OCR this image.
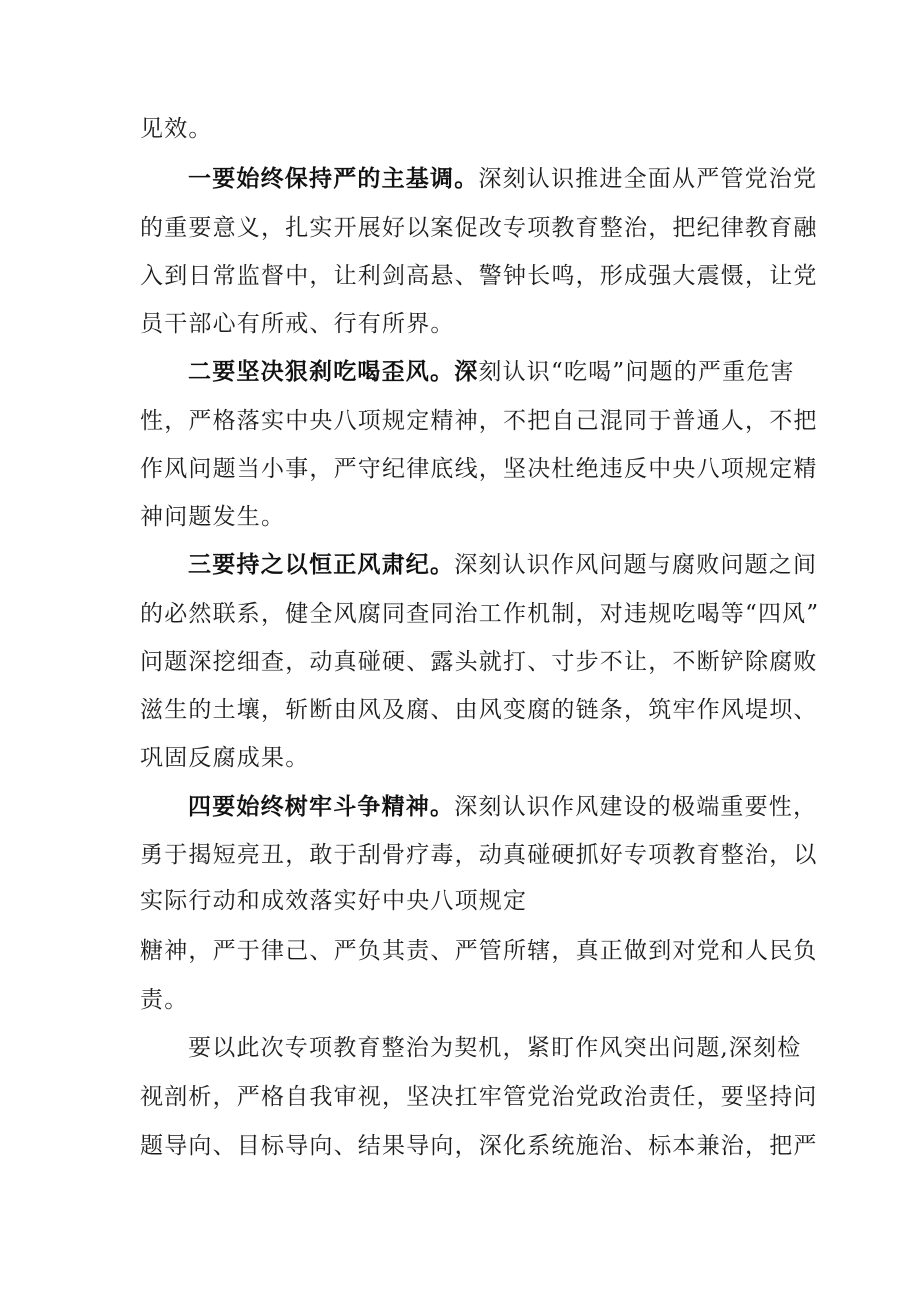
见效。
一要始终保持严的主基调。深刻认识推进全面从严管党治党
的重要意义，扎实开展好以案促改专项教育整治，把纪律教育融
入到日常监督中，让利剑高悬、警钟长鸣，形成强大震慑，让党
员干部心有所戒、行有所界。
二要坚决狠刹吃喝歪风。深刻认识“吃喝”问题的严重危害
性，严格落实中央八项规定精神，不把自己混同于普通人，不把
作风问题当小事，严守纪律底线，坚决杜绝违反中央八项规定精
神问题发生。
三要持之以恒正风肃纪。深刻认识作风问题与腐败问题之间
的必然联系，健全风腐同查同治工作机制，对违规吃喝等“四风”
问题深挖细查，动真碰硬、露头就打、寸步不让，不断铲除腐败
滋生的土壤，斩断由风及腐、由风变腐的链条，筑牢作风堤坝、
巩固反腐成果。
四要始终树牢斗争精神。深刻认识作风建设的极端重要性，
勇于揭短亮丑，敢于刮骨疗毒，动真碰硬抓好专项教育整治，以
实际行动和成效落实好中央八项规定
糖神，严于律己、严负其责、严管所辖，真正做到对党和人民负
责。
要以此次专项教育整治为契机，紧盯作风突出问题,深刻检
视剖析，严格自我审视，坚决扛牢管党治党政治责任，要坚持问
题导向、目标导向、结果导向，深化系统施治、标本兼治，把严
